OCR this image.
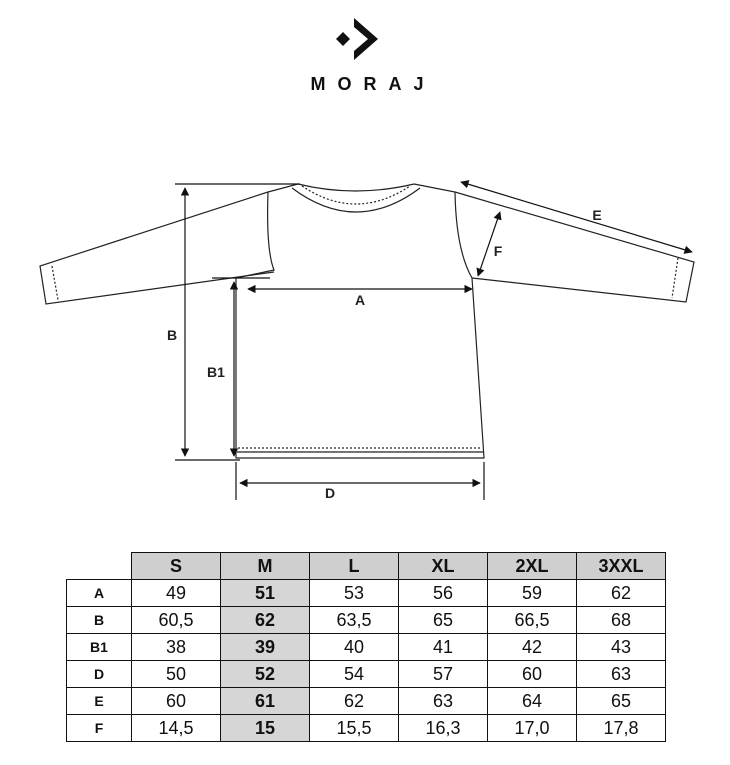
MORAJ
A
B
B1
D
E
F
	S	M	L	XL	2XL	3XXL
A	49	51	53	56	59	62
B	60,5	62	63,5	65	66,5	68
B1	38	39	40	41	42	43
D	50	52	54	57	60	63
E	60	61	62	63	64	65
F	14,5	15	15,5	16,3	17,0	17,8
